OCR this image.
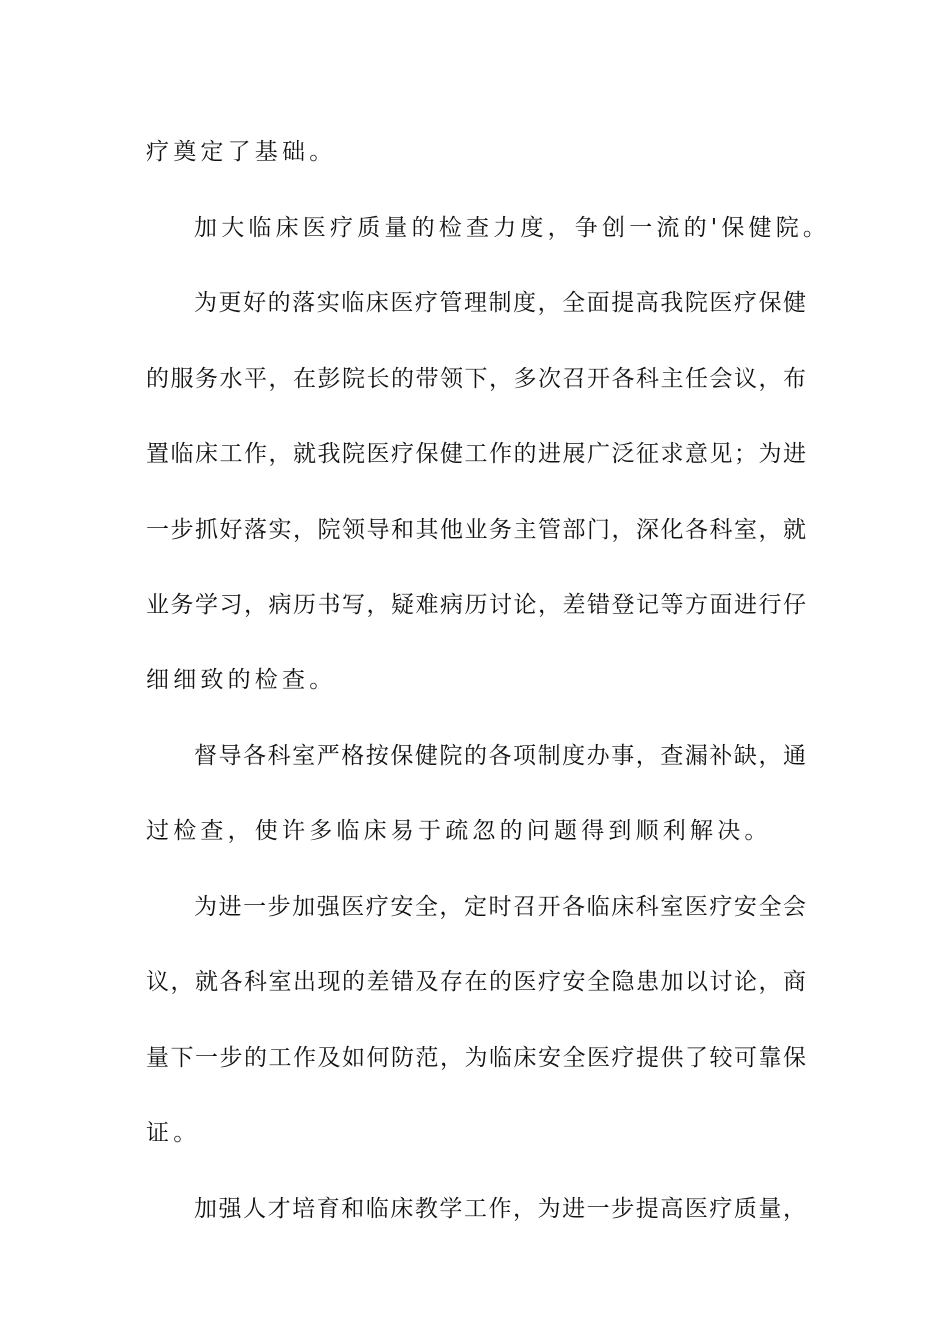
疗奠定了基础。
加大临床医疗质量的检查力度，争创一流的'保健院。
为更好的落实临床医疗管理制度，全面提高我院医疗保健
的服务水平，在彭院长的带领下，多次召开各科主任会议，布
置临床工作，就我院医疗保健工作的进展广泛征求意见；为进
一步抓好落实，院领导和其他业务主管部门，深化各科室，就
业务学习，病历书写，疑难病历讨论，差错登记等方面进行仔
细细致的检查。
督导各科室严格按保健院的各项制度办事，查漏补缺，通
过检查，使许多临床易于疏忽的问题得到顺利解决。
为进一步加强医疗安全，定时召开各临床科室医疗安全会
议，就各科室出现的差错及存在的医疗安全隐患加以讨论，商
量下一步的工作及如何防范，为临床安全医疗提供了较可靠保
证。
加强人才培育和临床教学工作，为进一步提高医疗质量，
